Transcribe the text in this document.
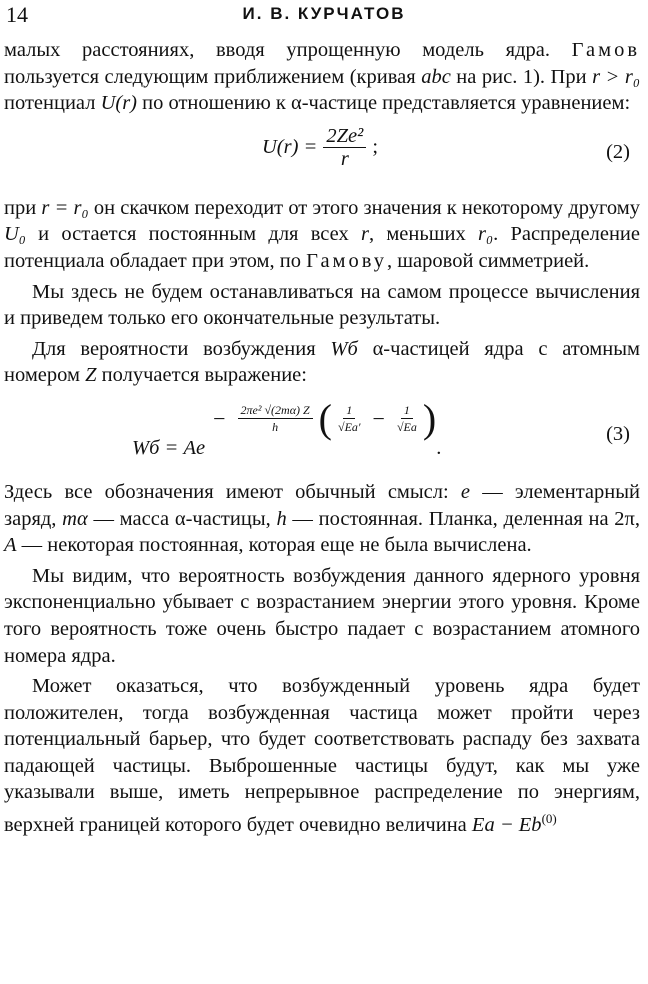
14	И. В. КУРЧАТОВ

малых расстояниях, вводя упрощенную модель ядра. Гамов пользуется следующим приближением (кривая abc на рис. 1). При r > r₀ потенциал U(r) по отношению к α-частице представляется уравнением:

$U(r) = \frac{\text{2Ze²}}{r}$ ;	(2)

при r = r₀ он скачком переходит от этого значения к некоторому другому U₀ и остается постоянным для всех r, меньших r₀. Распределение потенциала обладает при этом, по Гамову, шаровой симметрией.

Мы здесь не будем останавливаться на самом процессе вычисления и приведем только его окончательные результаты.

Для вероятности возбуждения Wб α-частицей ядра с атомным номером Z получается выражение:

Wб = Ae
− $\frac{\text{2πe² √(2mα) Z}}{h}$ ( $\frac{1}{√Ea'} - \frac{1}{√Ea}$ )
.
(3)

Здесь все обозначения имеют обычный смысл: e — элементарный заряд, mα — масса α-частицы, h — постоянная. Планка, деленная на 2π, A — некоторая постоянная, которая еще не была вычислена.

Мы видим, что вероятность возбуждения данного ядерного уровня экспоненциально убывает с возрастанием энергии этого уровня. Кроме того вероятность тоже очень быстро падает с возрастанием атомного номера ядра.

Может оказаться, что возбужденный уровень ядра будет положителен, тогда возбужденная частица может пройти через потенциальный барьер, что будет соответствовать распаду без захвата падающей частицы. Выброшенные частицы будут, как мы уже указывали выше, иметь непрерывное распределение по энергиям, верхней границей которого будет очевидно величина $Ea - Eb^{(0)}$
